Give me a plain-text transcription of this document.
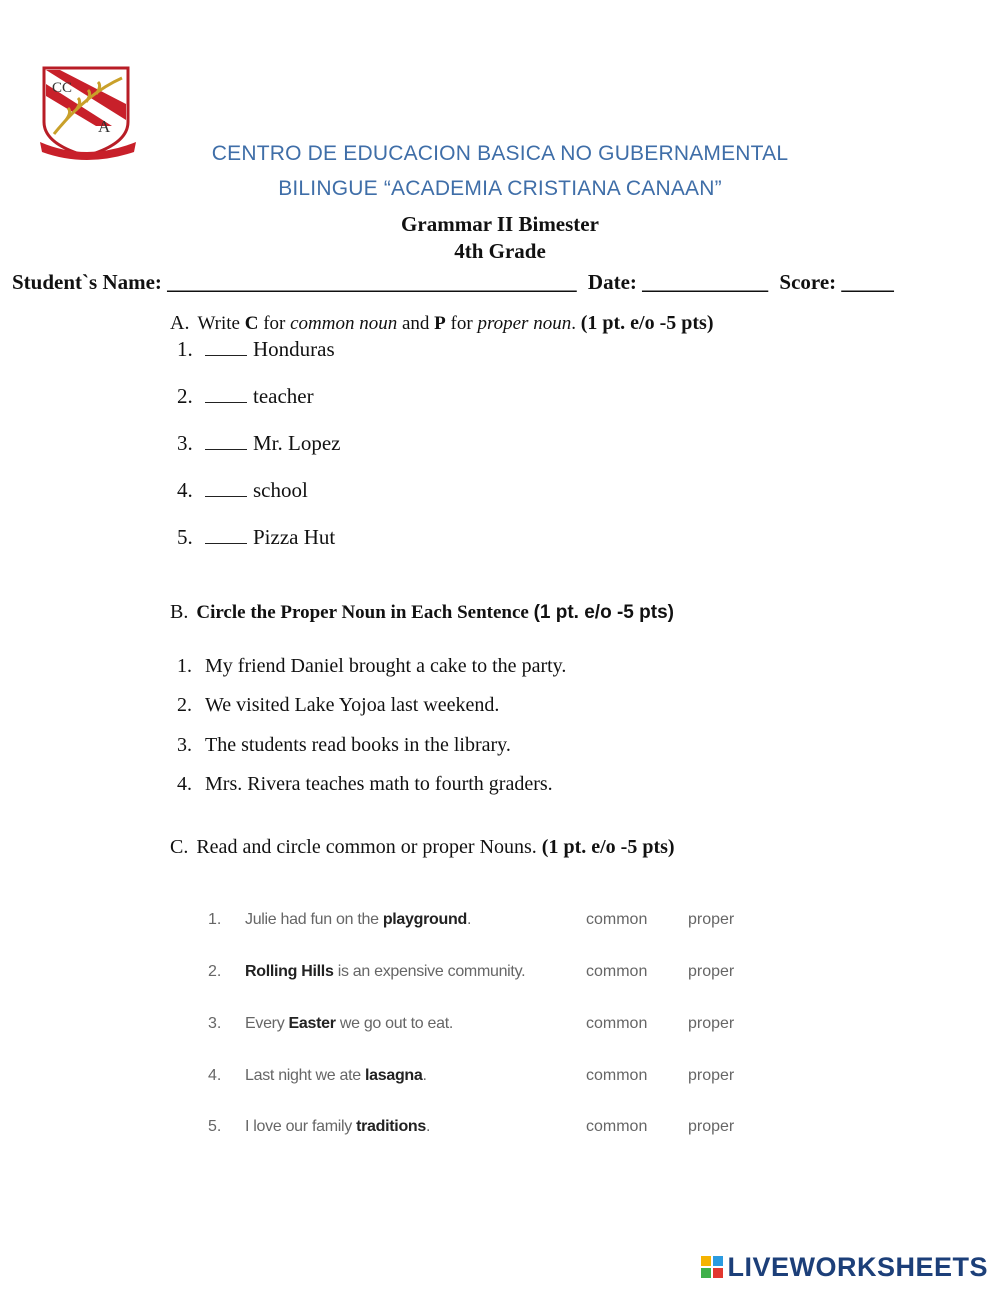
CC
A
CENTRO DE EDUCACION BASICA NO GUBERNAMENTAL
BILINGUE “ACADEMIA CRISTIANA CANAAN”
Grammar II Bimester
4th Grade
Student`s Name: _______________________________________ Date: ____________ Score: _____
A. Write C for common noun and P for proper noun. (1 pt. e/o -5 pts)
1.	Honduras
2.	teacher
3.	Mr. Lopez
4.	school
5.	Pizza Hut
B. Circle the Proper Noun in Each Sentence (1 pt. e/o -5 pts)
1. My friend Daniel brought a cake to the party.
2. We visited Lake Yojoa last weekend.
3. The students read books in the library.
4. Mrs. Rivera teaches math to fourth graders.
C. Read and circle common or proper Nouns. (1 pt. e/o -5 pts)
1. Julie had fun on the playground.	common	proper
2. Rolling Hills is an expensive community.	common	proper
3. Every Easter we go out to eat.	common	proper
4. Last night we ate lasagna.	common	proper
5. I love our family traditions.	common	proper
LIVEWORKSHEETS
